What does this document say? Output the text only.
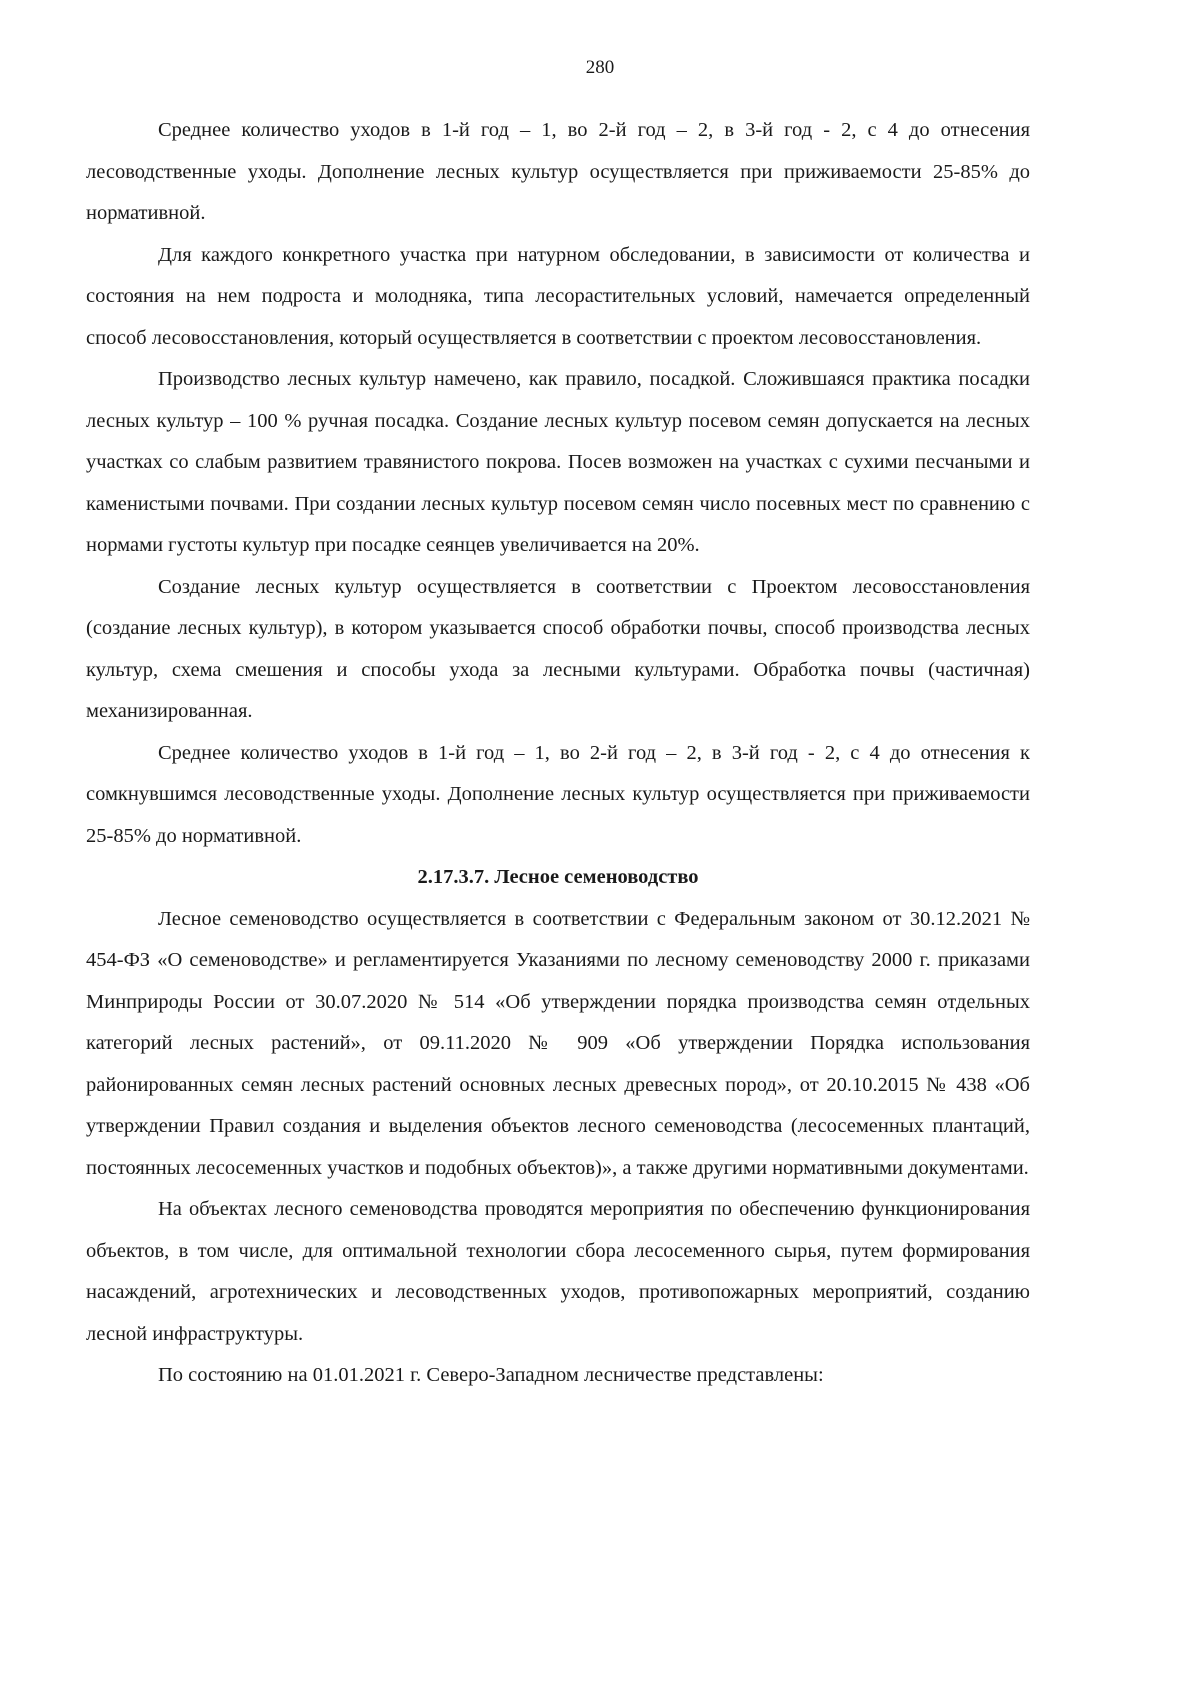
280

Среднее количество уходов в 1-й год – 1, во 2-й год – 2, в 3-й год - 2, с 4 до отнесения лесоводственные уходы. Дополнение лесных культур осуществляется при приживаемости 25-85% до нормативной.

Для каждого конкретного участка при натурном обследовании, в зависимости от количества и состояния на нем подроста и молодняка, типа лесорастительных условий, намечается определенный способ лесовосстановления, который осуществляется в соответствии с проектом лесовосстановления.

Производство лесных культур намечено, как правило, посадкой. Сложившаяся практика посадки лесных культур – 100 % ручная посадка. Создание лесных культур посевом семян допускается на лесных участках со слабым развитием травянистого покрова. Посев возможен на участках с сухими песчаными и каменистыми почвами. При создании лесных культур посевом семян число посевных мест по сравнению с нормами густоты культур при посадке сеянцев увеличивается на 20%.

Создание лесных культур осуществляется в соответствии с Проектом лесовосстановления (создание лесных культур), в котором указывается способ обработки почвы, способ производства лесных культур, схема смешения и способы ухода за лесными культурами. Обработка почвы (частичная) механизированная.

Среднее количество уходов в 1-й год – 1, во 2-й год – 2, в 3-й год - 2, с 4 до отнесения к сомкнувшимся лесоводственные уходы. Дополнение лесных культур осуществляется при приживаемости 25-85% до нормативной.

2.17.3.7. Лесное семеноводство

Лесное семеноводство осуществляется в соответствии с Федеральным законом от 30.12.2021 № 454-ФЗ «О семеноводстве» и регламентируется Указаниями по лесному семеноводству 2000 г. приказами Минприроды России от 30.07.2020 № 514 «Об утверждении порядка производства семян отдельных категорий лесных растений», от 09.11.2020 № 909 «Об утверждении Порядка использования районированных семян лесных растений основных лесных древесных пород», от 20.10.2015 № 438 «Об утверждении Правил создания и выделения объектов лесного семеноводства (лесосеменных плантаций, постоянных лесосеменных участков и подобных объектов)», а также другими нормативными документами.

На объектах лесного семеноводства проводятся мероприятия по обеспечению функционирования объектов, в том числе, для оптимальной технологии сбора лесосеменного сырья, путем формирования насаждений, агротехнических и лесоводственных уходов, противопожарных мероприятий, созданию лесной инфраструктуры.

По состоянию на 01.01.2021 г. Северо-Западном лесничестве представлены:
